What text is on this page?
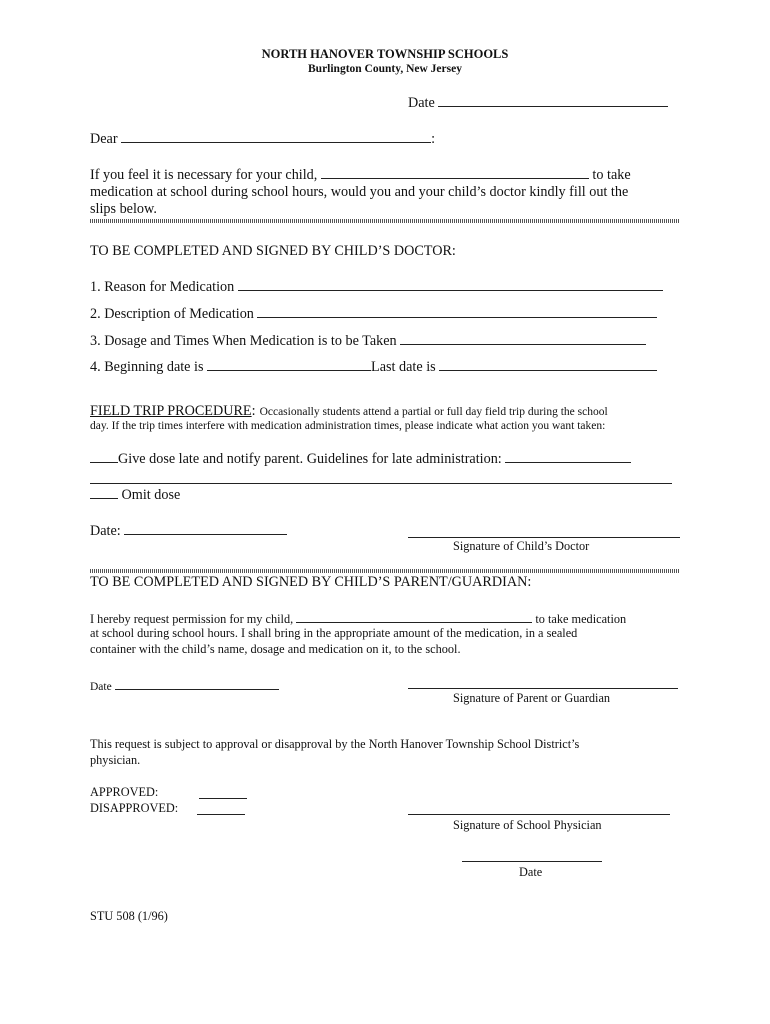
NORTH HANOVER TOWNSHIP SCHOOLS
Burlington County, New Jersey
Date
Dear	:
If you feel it is necessary for your child,	to take
medication at school during school hours, would you and your child’s doctor kindly fill out the
slips below.
TO BE COMPLETED AND SIGNED BY CHILD’S DOCTOR:
1. Reason for Medication
2. Description of Medication
3. Dosage and Times When Medication is to be Taken
4. Beginning date is	Last date is
FIELD TRIP PROCEDURE: Occasionally students attend a partial or full day field trip during the school
day. If the trip times interfere with medication administration times, please indicate what action you want taken:
Give dose late and notify parent. Guidelines for late administration:
Omit dose
Date:
Signature of Child’s Doctor
TO BE COMPLETED AND SIGNED BY CHILD’S PARENT/GUARDIAN:
I hereby request permission for my child,	to take medication
at school during school hours. I shall bring in the appropriate amount of the medication, in a sealed
container with the child’s name, dosage and medication on it, to the school.
Date
Signature of Parent or Guardian
This request is subject to approval or disapproval by the North Hanover Township School District’s
physician.
APPROVED:
DISAPPROVED:
Signature of School Physician
Date
STU 508 (1/96)
